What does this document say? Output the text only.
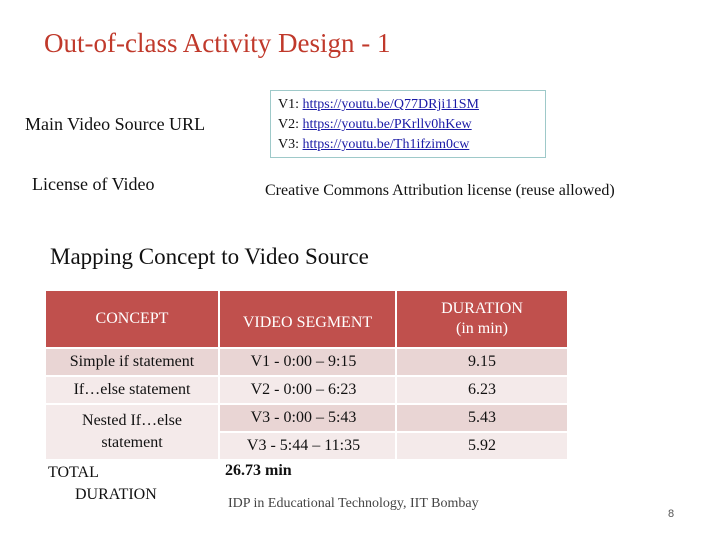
Out-of-class Activity Design - 1
Main Video Source URL
V1: https://youtu.be/Q77DRji11SM
V2: https://youtu.be/PKrllv0hKew
V3: https://youtu.be/Th1ifzim0cw
License of Video	Creative Commons Attribution license (reuse allowed)
Mapping Concept to Video Source
CONCEPT	VIDEO SEGMENT	DURATION
(in min)

Simple if statement	V1 - 0:00 – 9:15	9.15
If…else statement	V2 - 0:00 – 6:23	6.23

Nested If…else
statement	V3 - 0:00 – 5:43	5.43
	V3 - 5:44 – 11:35	5.92
TOTAL
DURATION
26.73 min
IDP in Educational Technology, IIT Bombay
8
